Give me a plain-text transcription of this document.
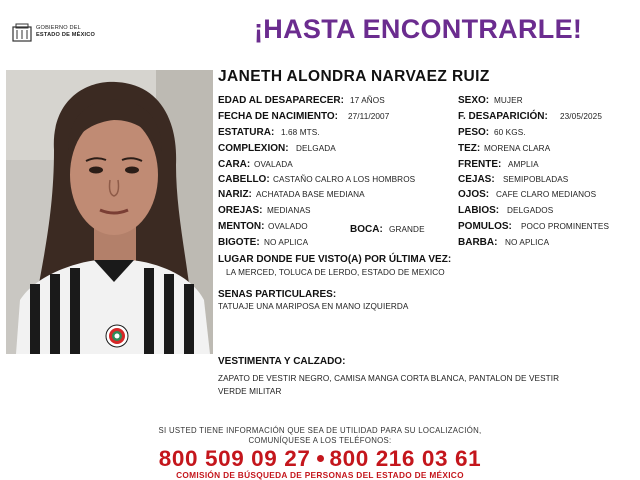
GOBIERNO DEL
ESTADO DE MÉXICO	¡HASTA ENCONTRARLE!
JANETH ALONDRA NARVAEZ RUIZ
EDAD AL DESAPARECER: 17 AÑOS
FECHA DE NACIMIENTO: 27/11/2007
ESTATURA: 1.68 MTS.
COMPLEXION: DELGADA
CARA: OVALADA
CABELLO: CASTAÑO CALRO A LOS HOMBROS
NARIZ: ACHATADA BASE MEDIANA
OREJAS: MEDIANAS
MENTON: OVALADO	BOCA: GRANDE
BIGOTE: NO APLICA
SEXO: MUJER
F. DESAPARICIÓN: 23/05/2025
PESO: 60 KGS.
TEZ: MORENA CLARA
FRENTE: AMPLIA
CEJAS: SEMIPOBLADAS
OJOS: CAFE CLARO MEDIANOS
LABIOS: DELGADOS
POMULOS: POCO PROMINENTES
BARBA: NO APLICA
LUGAR DONDE FUE VISTO(A) POR ÚLTIMA VEZ:
LA MERCED, TOLUCA DE LERDO, ESTADO DE MEXICO
SENAS PARTICULARES:
TATUAJE UNA MARIPOSA EN MANO IZQUIERDA
VESTIMENTA Y CALZADO:
ZAPATO DE VESTIR NEGRO, CAMISA MANGA CORTA BLANCA, PANTALON DE VESTIR
VERDE MILITAR
SI USTED TIENE INFORMACIÓN QUE SEA DE UTILIDAD PARA SU LOCALIZACIÓN,
COMUNÍQUESE A LOS TELÉFONOS:
800 509 09 27 800 216 03 61
COMISIÓN DE BÚSQUEDA DE PERSONAS DEL ESTADO DE MÉXICO
